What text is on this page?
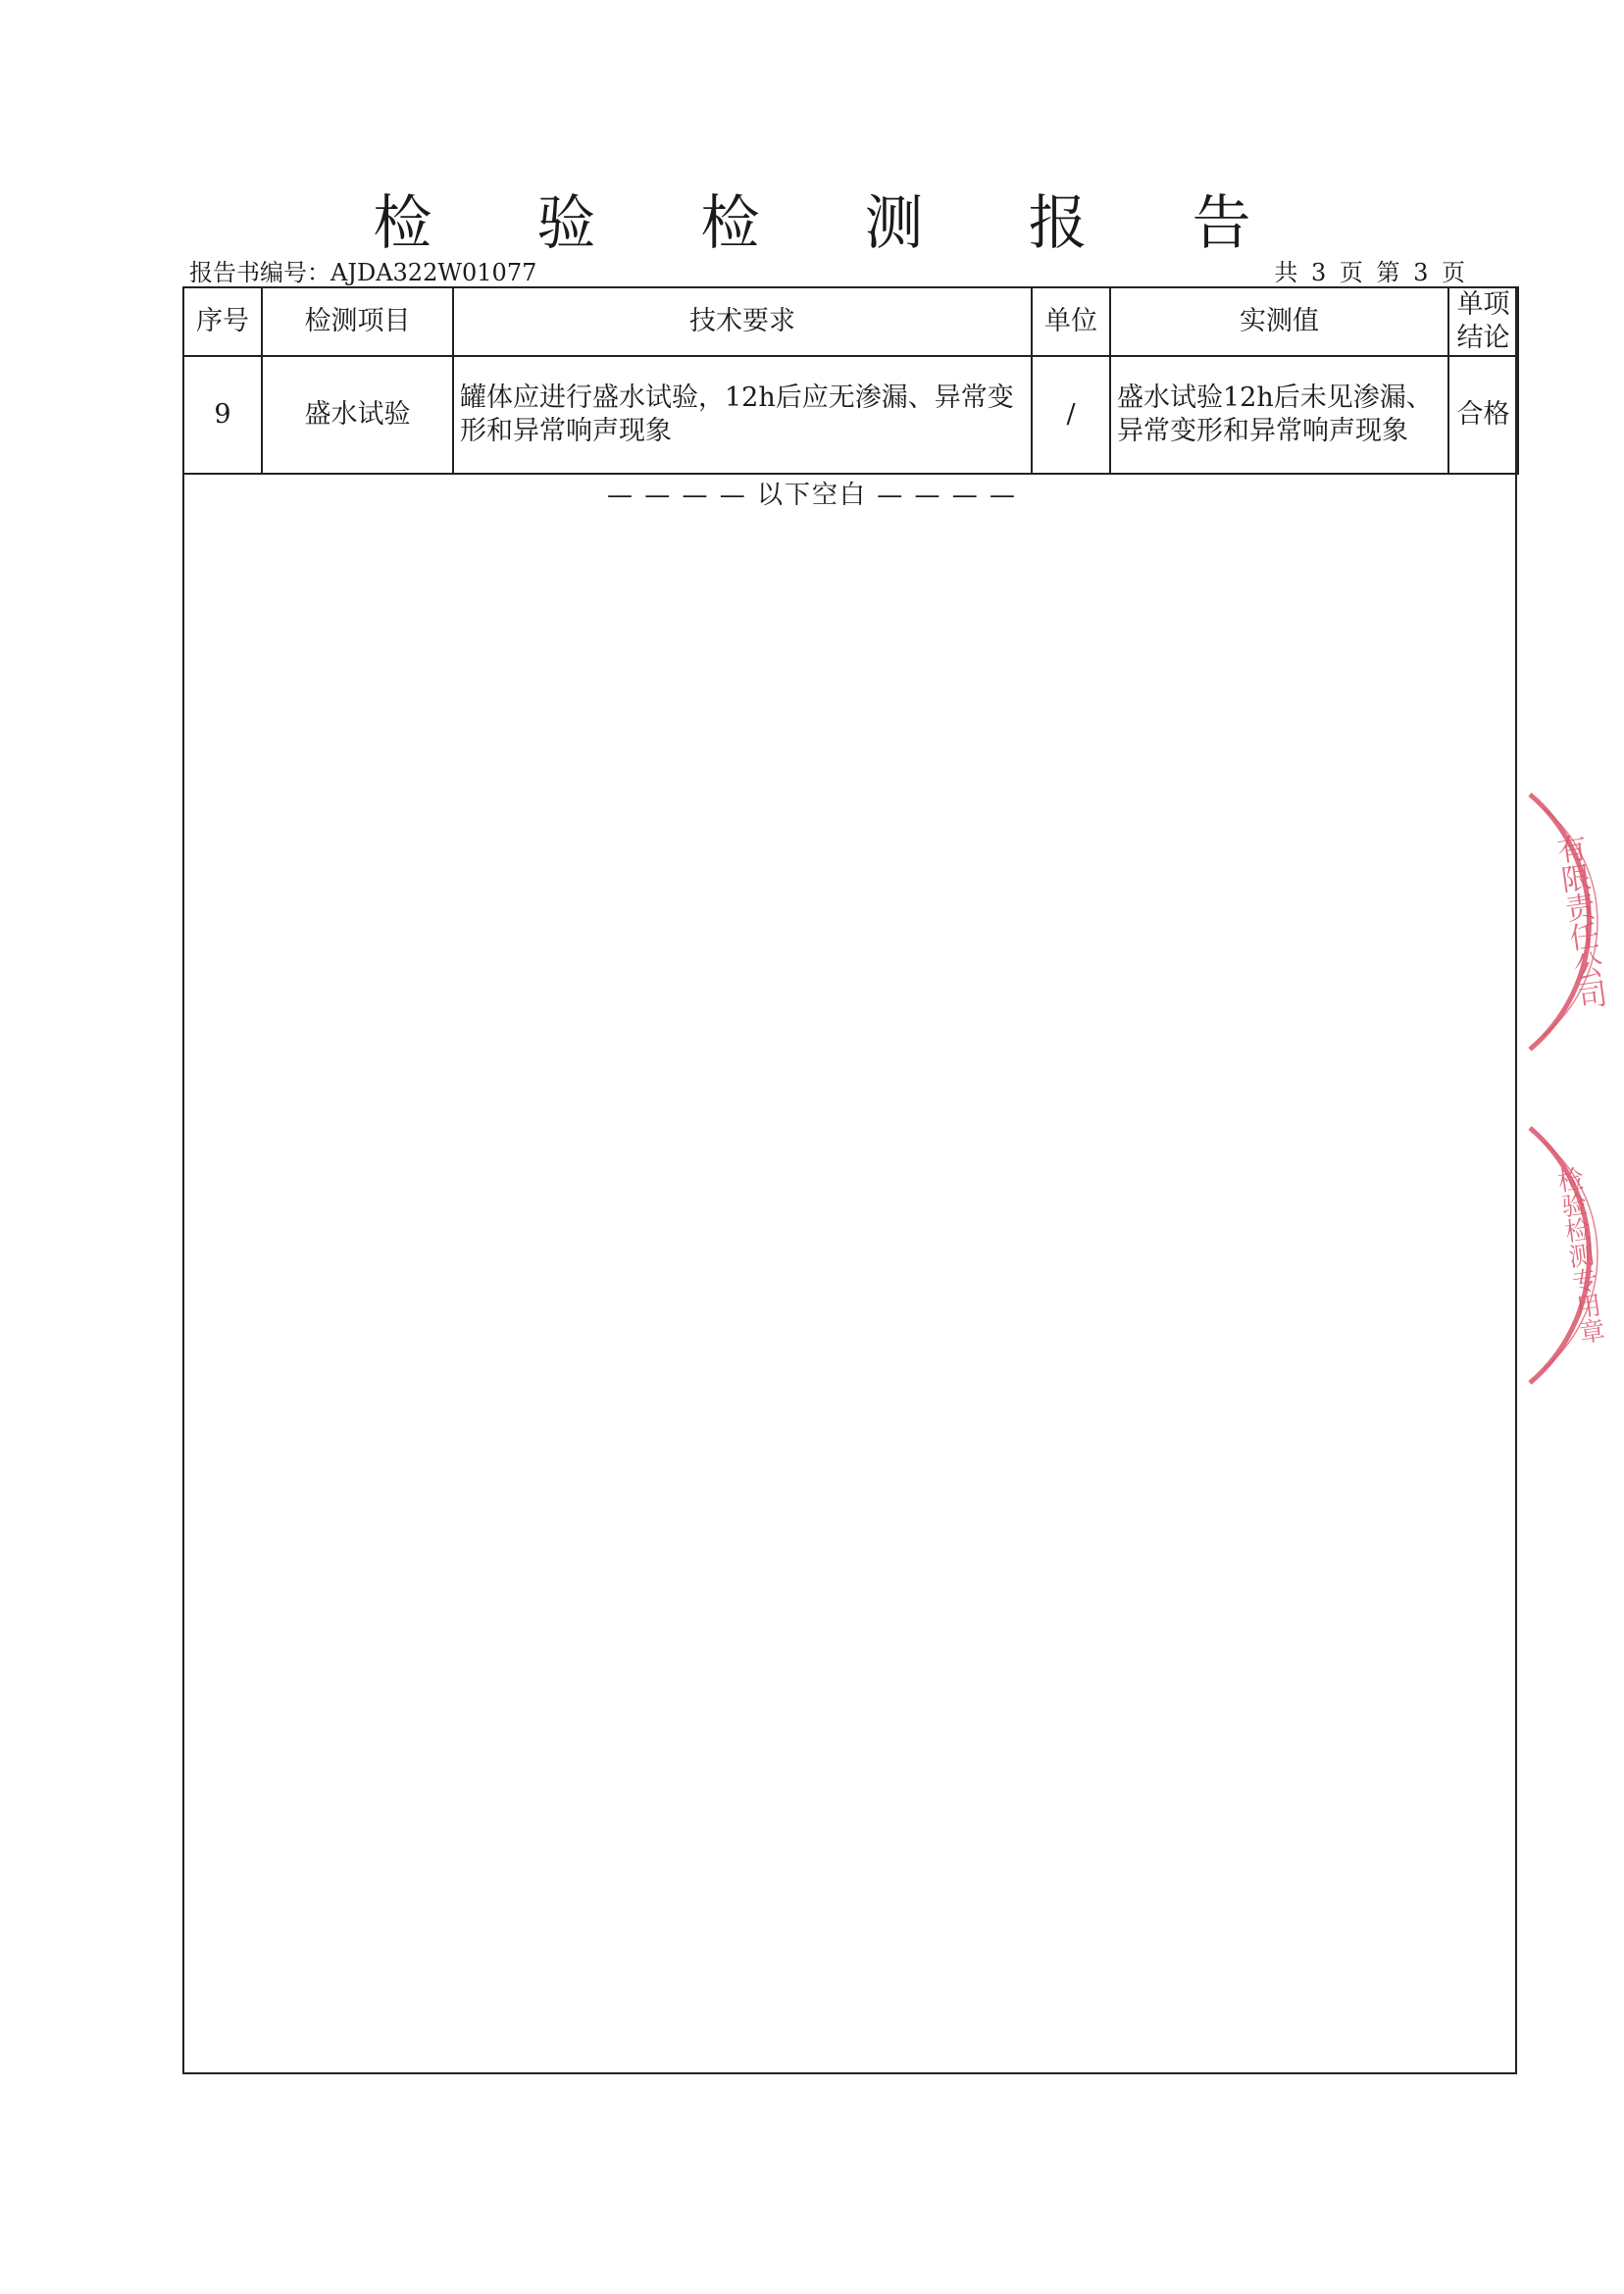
检 验 检 测 报 告
报告书编号：AJDA322W01077	共 3 页 第 3 页
序号	检测项目	技术要求	单位	实测值	单项
结论

9	盛水试验	罐体应进行盛水试验，12h后应无渗漏、异常变形和异常响声现象	/	盛水试验12h后未见渗漏、异常变形和异常响声现象	合格
— — — — 以下空白 — — — —
有限责任公司
检验检测专用章
